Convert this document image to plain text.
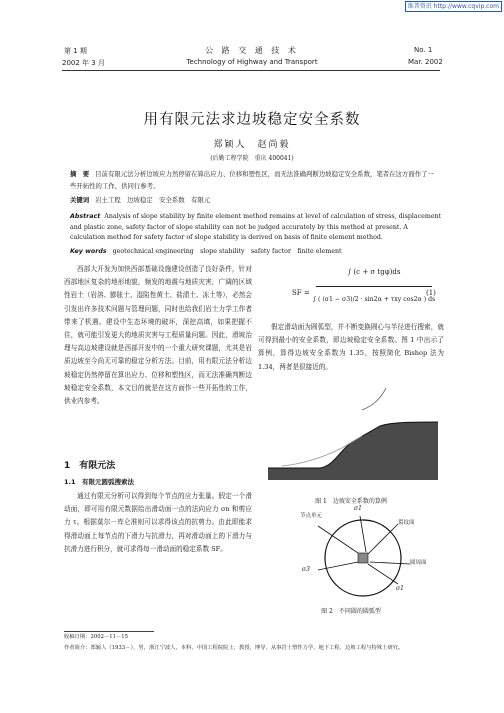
维普资讯 http://www.cqvip.com
第 1 期
2002 年 3 月
公 路 交 通 技 术
Technology of Highway and Transport
No. 1
Mar. 2002
用有限元法求边坡稳定安全系数
郑颖人　赵尚毅
(后勤工程学院　重庆 400041)
摘　要 目前有限元法分析边坡应力然停留在算出应力、位移和塑性区，而无法准确判断边坡稳定安全系数，笔者在这方面作了一些开拓性的工作，供同行参考。
关键词 岩土工程　边坡稳定　安全系数　有限元
Abstract Analysis of slope stability by finite element method remains at level of calculation of stress, displacement and plastic zone, safety factor of slope stability can not be judged accurately by this method at present. A calculation method for safety factor of slope stability is derived on basis of finite element method.
Key words geotechnical engineering　slope stability　safety factor　finite element
西部大开发为加快西部基础设施建设创造了良好条件，针对西部地区复杂的地形地貌，频发的地震与地质灾害，广阔的区域性岩土（岩溶、膨胀土、湿陷性黄土、盐渍土、冻土等），必然会引发出许多技术问题与管理问题，同时也给我们岩土力学工作者带来了机遇。建设中生态环境的破坏，深挖高填，如果把握不住，就可能引发更大的地质灾害与工程质量问题。因此，滑坡治理与高边坡建设就是西部开发中的一个重大研究课题，尤其是岩质边坡至今尚无可靠的稳定分析方法。目前，用有限元法分析边坡稳定仍然停留在算出应力、位移和塑性区，而无法准确判断边坡稳定安全系数，本文目的就是在这方面作一些开拓性的工作，供业内参考。
1　有限元法
1.1　有限元圆弧搜索法
通过有限元分析可以得到每个节点的应力张量。假定一个滑动面，即可用有限元数据给出滑动面一点的法向应力 σn 和剪应力 τ。根据莫尔－库仑准则可以求得该点的抗剪力。由此即能求得滑动面上每节点的下滑力与抗滑力，再对滑动面上的下滑力与抗滑力进行积分，就可求得每一滑动面的稳定系数 SF。
SF =
∫ (c + σ tgφ)ds
∫ ( (σ1 − σ3)/2 · sin2α + τxy cos2α ) ds
(1)
假定滑动面为圆弧型，并不断变换圆心与半径进行搜索，就可得到最小的安全系数，即边坡稳定安全系数。图 1 中出示了算例，算得边坡安全系数为 1.35，按照简化 Bishop 法为 1.34，两者是很接近的。
图 1　边坡安全系数的算例
节点单元
σ1
裂纹面
σ3
圆周面
σ1
图 2　不同圆的圆弧型
收稿日期：2002－11－15
作者简介：郑颖人（1933－），男，浙江宁波人，本科，中国工程院院士，教授，博导，从事岩土塑性力学、地下工程、边坡工程与特殊土研究。
